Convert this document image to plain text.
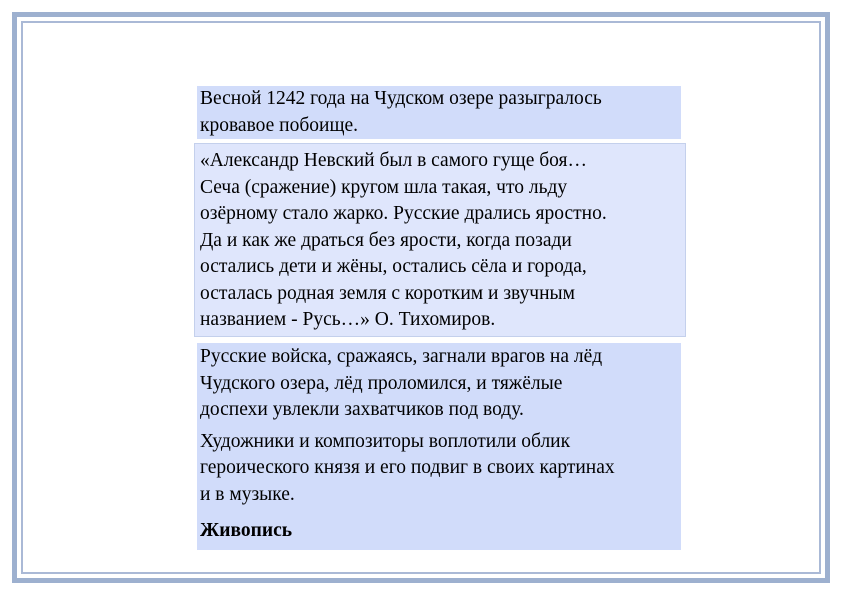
Весной 1242 года на Чудском озере разыгралось
кровавое побоище.
«Александр Невский был в самого гуще боя…
Сеча (сражение) кругом шла такая, что льду
озёрному стало жарко. Русские дрались яростно.
Да и как же драться без ярости, когда позади
остались дети и жёны, остались сёла и города,
осталась родная земля с коротким и звучным
названием - Русь…» О. Тихомиров.
Русские войска, сражаясь, загнали врагов на лёд
Чудского озера, лёд проломился, и тяжёлые
доспехи увлекли захватчиков под воду.
Художники и композиторы воплотили облик
героического князя и его подвиг в своих картинах
и в музыке.
Живопись
